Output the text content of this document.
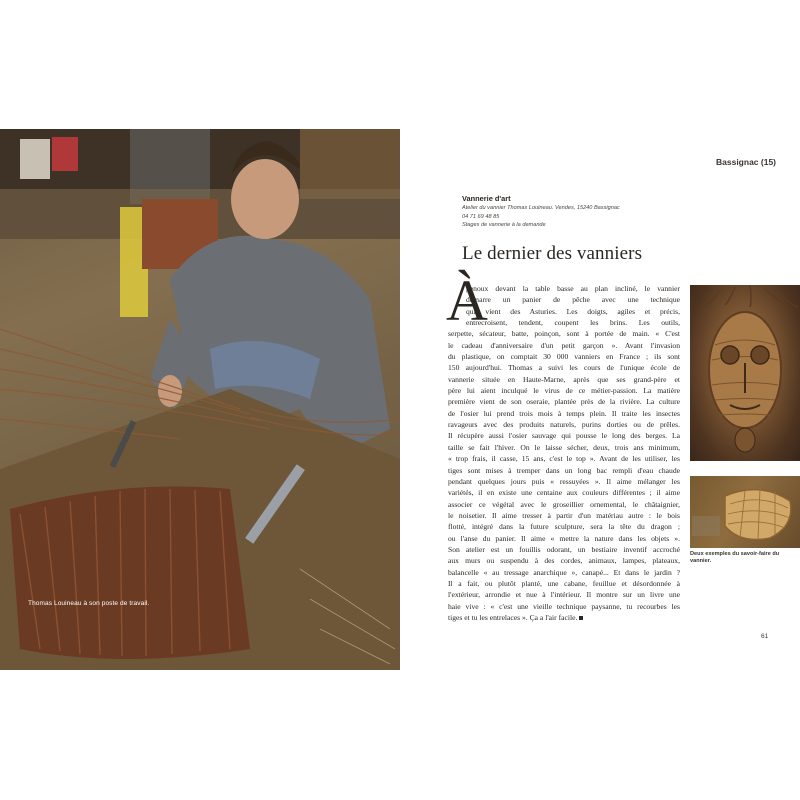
Thomas Louineau à son poste de travail.
Bassignac (15)
Vannerie d'art
Atelier du vannier Thomas Louineau. Vendes, 15240 Bassignac
04 71 69 48 85
Stages de vannerie à la demande
Le dernier des vanniers
À
genoux devant la table basse au plan incliné, le vannier
démarre un panier de pêche avec une technique
qui vient des Asturies. Les doigts, agiles et précis,
entrecroisent, tendent, coupent les brins. Les outils,
serpette, sécateur, batte, poinçon, sont à portée de main. « C'est
le cadeau d'anniversaire d'un petit garçon ». Avant l'invasion
du plastique, on comptait 30 000 vanniers en France ; ils sont
150 aujourd'hui. Thomas a suivi les cours de l'unique école de
vannerie située en Haute-Marne, après que ses grand-père et
père lui aient inculqué le virus de ce métier-passion. La matière
première vient de son oseraie, plantée près de la rivière. La culture
de l'osier lui prend trois mois à temps plein. Il traite les insectes
ravageurs avec des produits naturels, purins dorties ou de prêles.
Il récupère aussi l'osier sauvage qui pousse le long des berges. La
taille se fait l'hiver. On le laisse sécher, deux, trois ans minimum,
« trop frais, il casse, 15 ans, c'est le top ». Avant de les utiliser, les
tiges sont mises à tremper dans un long bac rempli d'eau chaude
pendant quelques jours puis « ressuyées ». Il aime mélanger les
variétés, il en existe une centaine aux couleurs différentes ; il aime
associer ce végétal avec le groseillier ornemental, le châtaignier,
le noisetier. Il aime tresser à partir d'un matériau autre : le bois
flotté, intégré dans la future sculpture, sera la tête du dragon ;
ou l'anse du panier. Il aime « mettre la nature dans les objets ».
Son atelier est un fouillis odorant, un bestiaire inventif accroché
aux murs ou suspendu à des cordes, animaux, lampes, plateaux,
balancelle « au tressage anarchique », canapé... Et dans le jardin ?
Il a fait, ou plutôt planté, une cabane, feuillue et désordonnée à
l'extérieur, arrondie et nue à l'intérieur. Il montre sur un livre une
haie vive : « c'est une vieille technique paysanne, tu recourbes les
tiges et tu les entrelaces ». Ça a l'air facile.
Deux exemples du savoir-faire du vannier.
61
